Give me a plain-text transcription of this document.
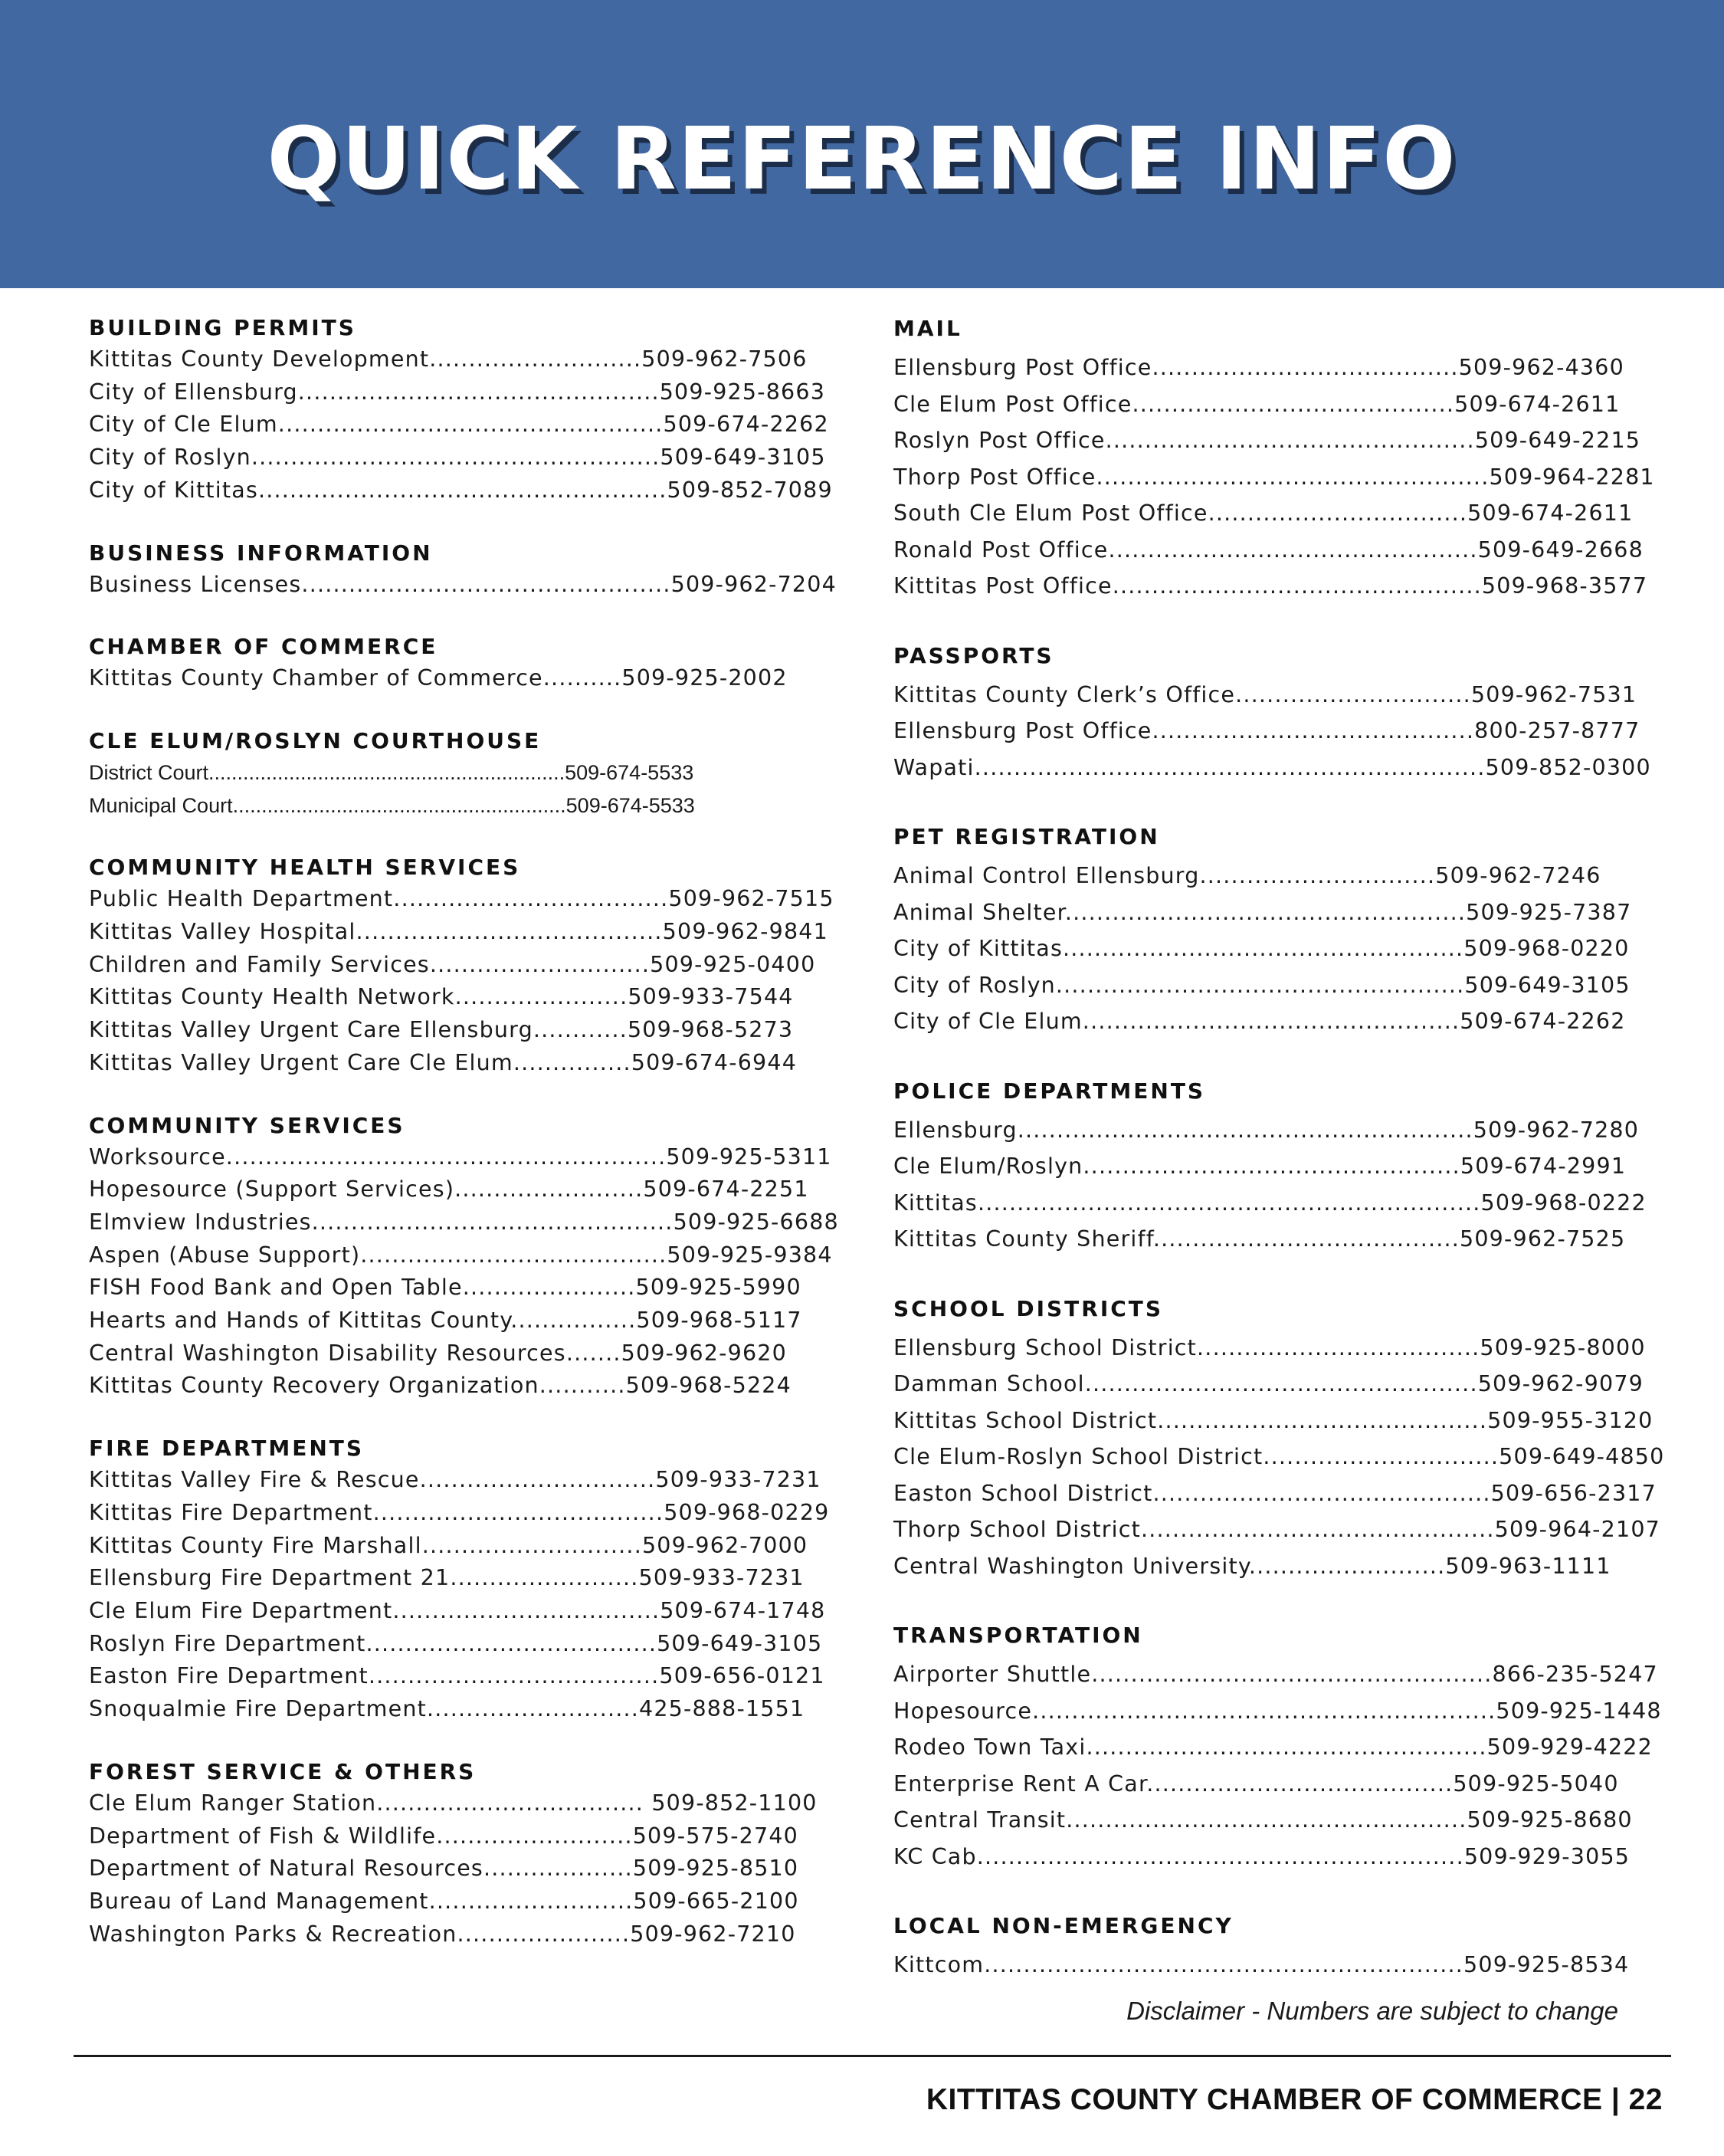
QUICK REFERENCE INFO
BUILDING PERMITS
Kittitas County Development...........................509-962-7506
City of Ellensburg..............................................509-925-8663
City of Cle Elum.................................................509-674-2262
City of Roslyn....................................................509-649-3105
City of Kittitas....................................................509-852-7089
BUSINESS INFORMATION
Business Licenses...............................................509-962-7204
CHAMBER OF COMMERCE
Kittitas County Chamber of Commerce..........509-925-2002
CLE ELUM/ROSLYN COURTHOUSE
District Court..............................................................509-674-5533
Municipal Court..........................................................509-674-5533
COMMUNITY HEALTH SERVICES
Public Health Department...................................509-962-7515
Kittitas Valley Hospital.......................................509-962-9841
Children and Family Services............................509-925-0400
Kittitas County Health Network......................509-933-7544
Kittitas Valley Urgent Care Ellensburg............509-968-5273
Kittitas Valley Urgent Care Cle Elum...............509-674-6944
COMMUNITY SERVICES
Worksource........................................................509-925-5311
Hopesource (Support Services)........................509-674-2251
Elmview Industries..............................................509-925-6688
Aspen (Abuse Support).......................................509-925-9384
FISH Food Bank and Open Table......................509-925-5990
Hearts and Hands of Kittitas County................509-968-5117
Central Washington Disability Resources.......509-962-9620
Kittitas County Recovery Organization...........509-968-5224
FIRE DEPARTMENTS
Kittitas Valley Fire & Rescue..............................509-933-7231
Kittitas Fire Department.....................................509-968-0229
Kittitas County Fire Marshall............................509-962-7000
Ellensburg Fire Department 21........................509-933-7231
Cle Elum Fire Department..................................509-674-1748
Roslyn Fire Department.....................................509-649-3105
Easton Fire Department.....................................509-656-0121
Snoqualmie Fire Department...........................425-888-1551
FOREST SERVICE & OTHERS
Cle Elum Ranger Station.................................. 509-852-1100
Department of Fish & Wildlife.........................509-575-2740
Department of Natural Resources...................509-925-8510
Bureau of Land Management..........................509-665-2100
Washington Parks & Recreation......................509-962-7210
MAIL
Ellensburg Post Office.......................................509-962-4360
Cle Elum Post Office.........................................509-674-2611
Roslyn Post Office...............................................509-649-2215
Thorp Post Office..................................................509-964-2281
South Cle Elum Post Office.................................509-674-2611
Ronald Post Office...............................................509-649-2668
Kittitas Post Office...............................................509-968-3577
PASSPORTS
Kittitas County Clerk’s Office..............................509-962-7531
Ellensburg Post Office.........................................800-257-8777
Wapati.................................................................509-852-0300
PET REGISTRATION
Animal Control Ellensburg..............................509-962-7246
Animal Shelter...................................................509-925-7387
City of Kittitas...................................................509-968-0220
City of Roslyn....................................................509-649-3105
City of Cle Elum................................................509-674-2262
POLICE DEPARTMENTS
Ellensburg..........................................................509-962-7280
Cle Elum/Roslyn................................................509-674-2991
Kittitas................................................................509-968-0222
Kittitas County Sheriff.......................................509-962-7525
SCHOOL DISTRICTS
Ellensburg School District....................................509-925-8000
Damman School..................................................509-962-9079
Kittitas School District..........................................509-955-3120
Cle Elum-Roslyn School District..............................509-649-4850
Easton School District...........................................509-656-2317
Thorp School District.............................................509-964-2107
Central Washington University.........................509-963-1111
TRANSPORTATION
Airporter Shuttle...................................................866-235-5247
Hopesource...........................................................509-925-1448
Rodeo Town Taxi...................................................509-929-4222
Enterprise Rent A Car.......................................509-925-5040
Central Transit...................................................509-925-8680
KC Cab..............................................................509-929-3055
LOCAL NON-EMERGENCY
Kittcom.............................................................509-925-8534
Disclaimer - Numbers are subject to change
KITTITAS COUNTY CHAMBER OF COMMERCE | 22
